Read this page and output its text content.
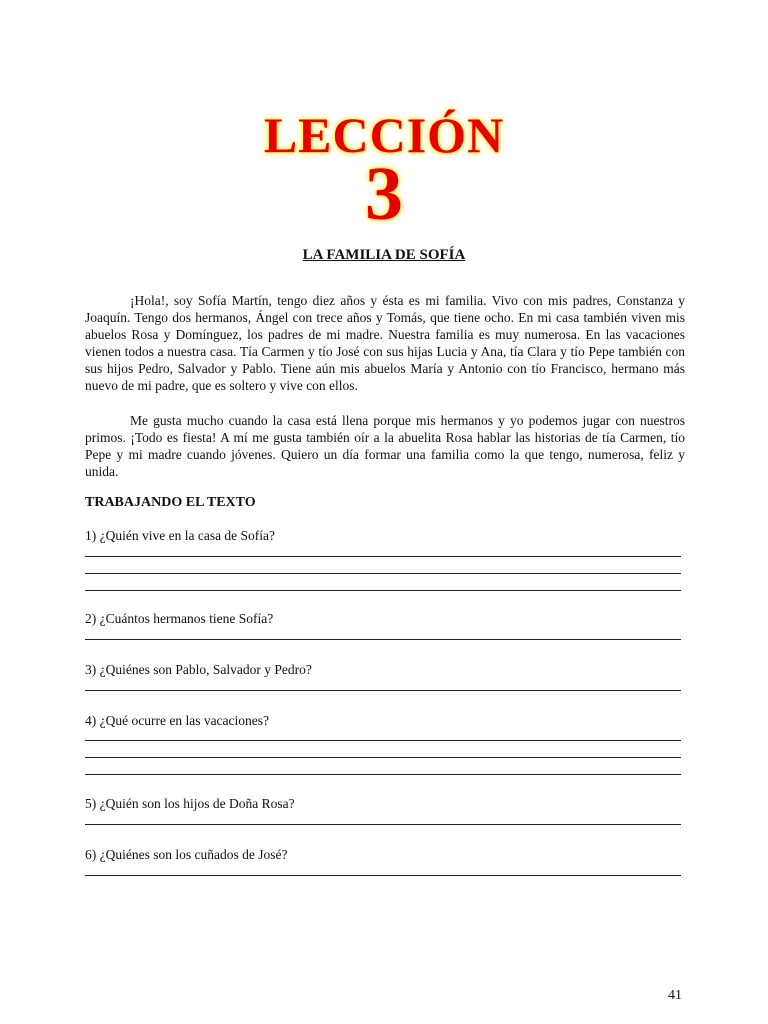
LECCIÓN
3
LA FAMILIA DE SOFÍA

¡Hola!, soy Sofía Martín, tengo diez años y ésta es mi familia. Vivo con mis padres, Constanza y Joaquín. Tengo dos hermanos, Ángel con trece años y Tomás, que tiene ocho. En mi casa también viven mis abuelos Rosa y Domínguez, los padres de mi madre. Nuestra familia es muy numerosa. En las vacaciones vienen todos a nuestra casa. Tía Carmen y tío José con sus hijas Lucia y Ana, tía Clara y tío Pepe también con sus hijos Pedro, Salvador y Pablo. Tiene aún mis abuelos María y Antonio con tío Francisco, hermano más nuevo de mi padre, que es soltero y vive con ellos.

Me gusta mucho cuando la casa está llena porque mis hermanos y yo podemos jugar con nuestros primos. ¡Todo es fiesta! A mí me gusta también oír a la abuelita Rosa hablar las historias de tía Carmen, tío Pepe y mi madre cuando jóvenes. Quiero un día formar una familia como la que tengo, numerosa, feliz y unida.

TRABAJANDO EL TEXTO
1) ¿Quién vive en la casa de Sofía?
2) ¿Cuántos hermanos tiene Sofía?
3) ¿Quiénes son Pablo, Salvador y Pedro?
4) ¿Qué ocurre en las vacaciones?
5) ¿Quién son los hijos de Doña Rosa?
6) ¿Quiénes son los cuñados de José?
41
